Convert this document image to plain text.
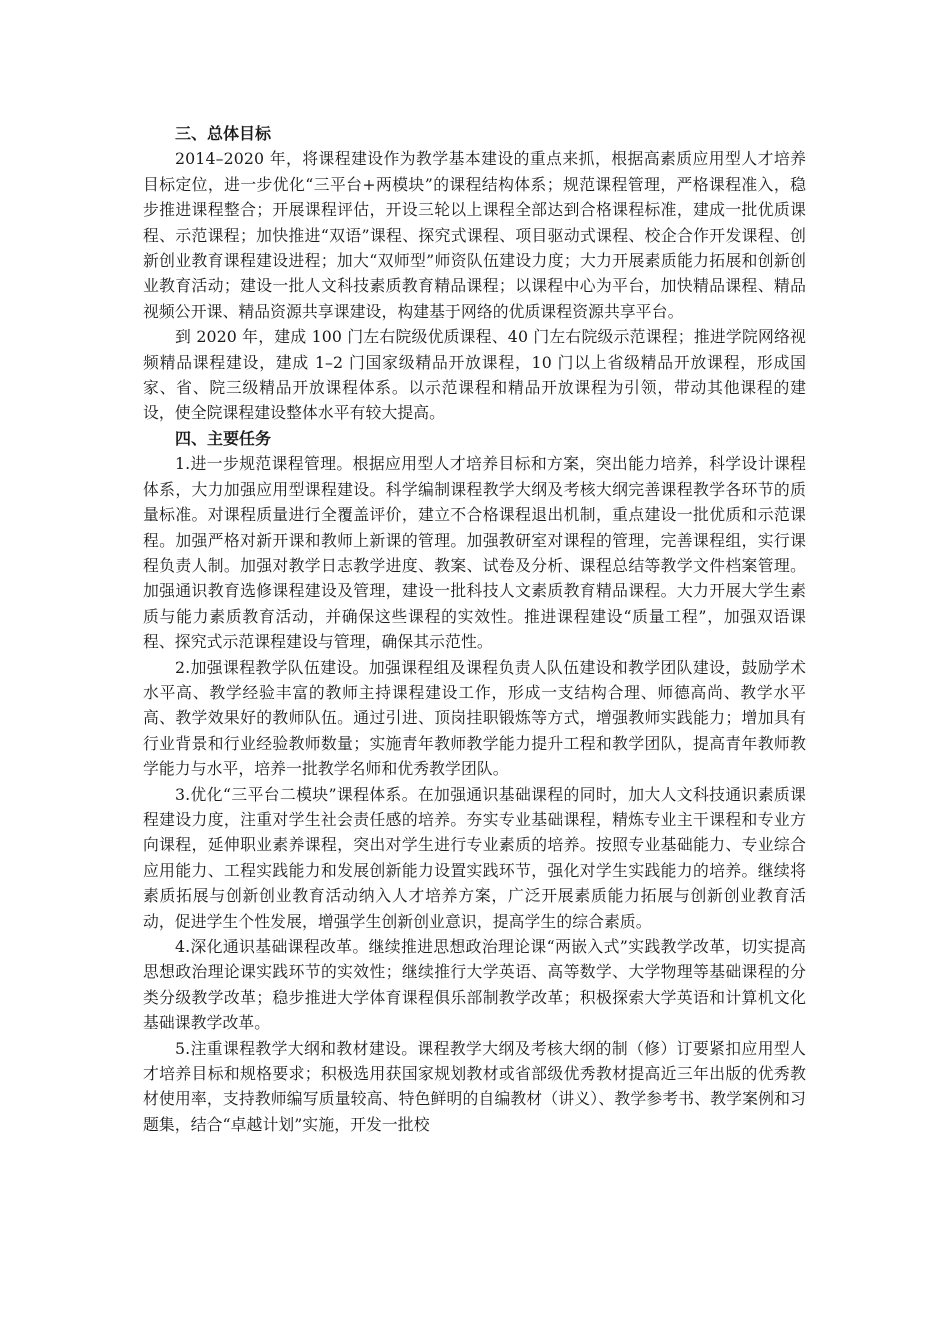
三、总体目标

2014–2020 年，将课程建设作为教学基本建设的重点来抓，根据高素质应用型人才培养目标定位，进一步优化“三平台+两模块”的课程结构体系；规范课程管理，严格课程准入，稳步推进课程整合；开展课程评估，开设三轮以上课程全部达到合格课程标准，建成一批优质课程、示范课程；加快推进“双语”课程、探究式课程、项目驱动式课程、校企合作开发课程、创新创业教育课程建设进程；加大“双师型”师资队伍建设力度；大力开展素质能力拓展和创新创业教育活动；建设一批人文科技素质教育精品课程；以课程中心为平台，加快精品课程、精品视频公开课、精品资源共享课建设，构建基于网络的优质课程资源共享平台。

到 2020 年，建成 100 门左右院级优质课程、40 门左右院级示范课程；推进学院网络视频精品课程建设，建成 1–2 门国家级精品开放课程，10 门以上省级精品开放课程，形成国家、省、院三级精品开放课程体系。以示范课程和精品开放课程为引领，带动其他课程的建设，使全院课程建设整体水平有较大提高。

四、主要任务

1.进一步规范课程管理。根据应用型人才培养目标和方案，突出能力培养，科学设计课程体系，大力加强应用型课程建设。科学编制课程教学大纲及考核大纲完善课程教学各环节的质量标准。对课程质量进行全覆盖评价，建立不合格课程退出机制，重点建设一批优质和示范课程。加强严格对新开课和教师上新课的管理。加强教研室对课程的管理，完善课程组，实行课程负责人制。加强对教学日志教学进度、教案、试卷及分析、课程总结等教学文件档案管理。加强通识教育选修课程建设及管理，建设一批科技人文素质教育精品课程。大力开展大学生素质与能力素质教育活动，并确保这些课程的实效性。推进课程建设“质量工程”，加强双语课程、探究式示范课程建设与管理，确保其示范性。

2.加强课程教学队伍建设。加强课程组及课程负责人队伍建设和教学团队建设，鼓励学术水平高、教学经验丰富的教师主持课程建设工作，形成一支结构合理、师德高尚、教学水平高、教学效果好的教师队伍。通过引进、顶岗挂职锻炼等方式，增强教师实践能力；增加具有行业背景和行业经验教师数量；实施青年教师教学能力提升工程和教学团队，提高青年教师教学能力与水平，培养一批教学名师和优秀教学团队。

3.优化“三平台二模块”课程体系。在加强通识基础课程的同时，加大人文科技通识素质课程建设力度，注重对学生社会责任感的培养。夯实专业基础课程，精炼专业主干课程和专业方向课程，延伸职业素养课程，突出对学生进行专业素质的培养。按照专业基础能力、专业综合应用能力、工程实践能力和发展创新能力设置实践环节，强化对学生实践能力的培养。继续将素质拓展与创新创业教育活动纳入人才培养方案，广泛开展素质能力拓展与创新创业教育活动，促进学生个性发展，增强学生创新创业意识，提高学生的综合素质。

4.深化通识基础课程改革。继续推进思想政治理论课“两嵌入式”实践教学改革，切实提高思想政治理论课实践环节的实效性；继续推行大学英语、高等数学、大学物理等基础课程的分类分级教学改革；稳步推进大学体育课程俱乐部制教学改革；积极探索大学英语和计算机文化基础课教学改革。

5.注重课程教学大纲和教材建设。课程教学大纲及考核大纲的制（修）订要紧扣应用型人才培养目标和规格要求；积极选用获国家规划教材或省部级优秀教材提高近三年出版的优秀教材使用率，支持教师编写质量较高、特色鲜明的自编教材（讲义）、教学参考书、教学案例和习题集，结合“卓越计划”实施，开发一批校
